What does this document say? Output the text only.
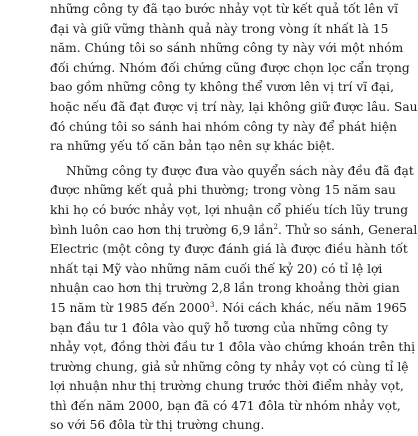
những công ty đã tạo bước nhảy vọt từ kết quả tốt lên vĩ
đại và giữ vững thành quả này trong vòng ít nhất là 15
năm. Chúng tôi so sánh những công ty này với một nhóm
đối chứng. Nhóm đối chứng cũng được chọn lọc cẩn trọng
bao gồm những công ty không thể vươn lên vị trí vĩ đại,
hoặc nếu đã đạt được vị trí này, lại không giữ được lâu. Sau
đó chúng tôi so sánh hai nhóm công ty này để phát hiện
ra những yếu tố căn bản tạo nên sự khác biệt.
Những công ty được đưa vào quyển sách này đều đã đạt
được những kết quả phi thường; trong vòng 15 năm sau
khi họ có bước nhảy vọt, lợi nhuận cổ phiếu tích lũy trung
bình luôn cao hơn thị trường 6,9 lần$^2$. Thử so sánh, General
Electric (một công ty được đánh giá là được điều hành tốt
nhất tại Mỹ vào những năm cuối thế kỷ 20) có tỉ lệ lợi
nhuận cao hơn thị trường 2,8 lần trong khoảng thời gian
15 năm từ 1985 đến 2000$^3$. Nói cách khác, nếu năm 1965
bạn đầu tư 1 đôla vào quỹ hỗ tương của những công ty
nhảy vọt, đồng thời đầu tư 1 đôla vào chứng khoán trên thị
trường chung, giả sử những công ty nhảy vọt có cùng tỉ lệ
lợi nhuận như thị trường chung trước thời điểm nhảy vọt,
thì đến năm 2000, bạn đã có 471 đôla từ nhóm nhảy vọt,
so với 56 đôla từ thị trường chung.
